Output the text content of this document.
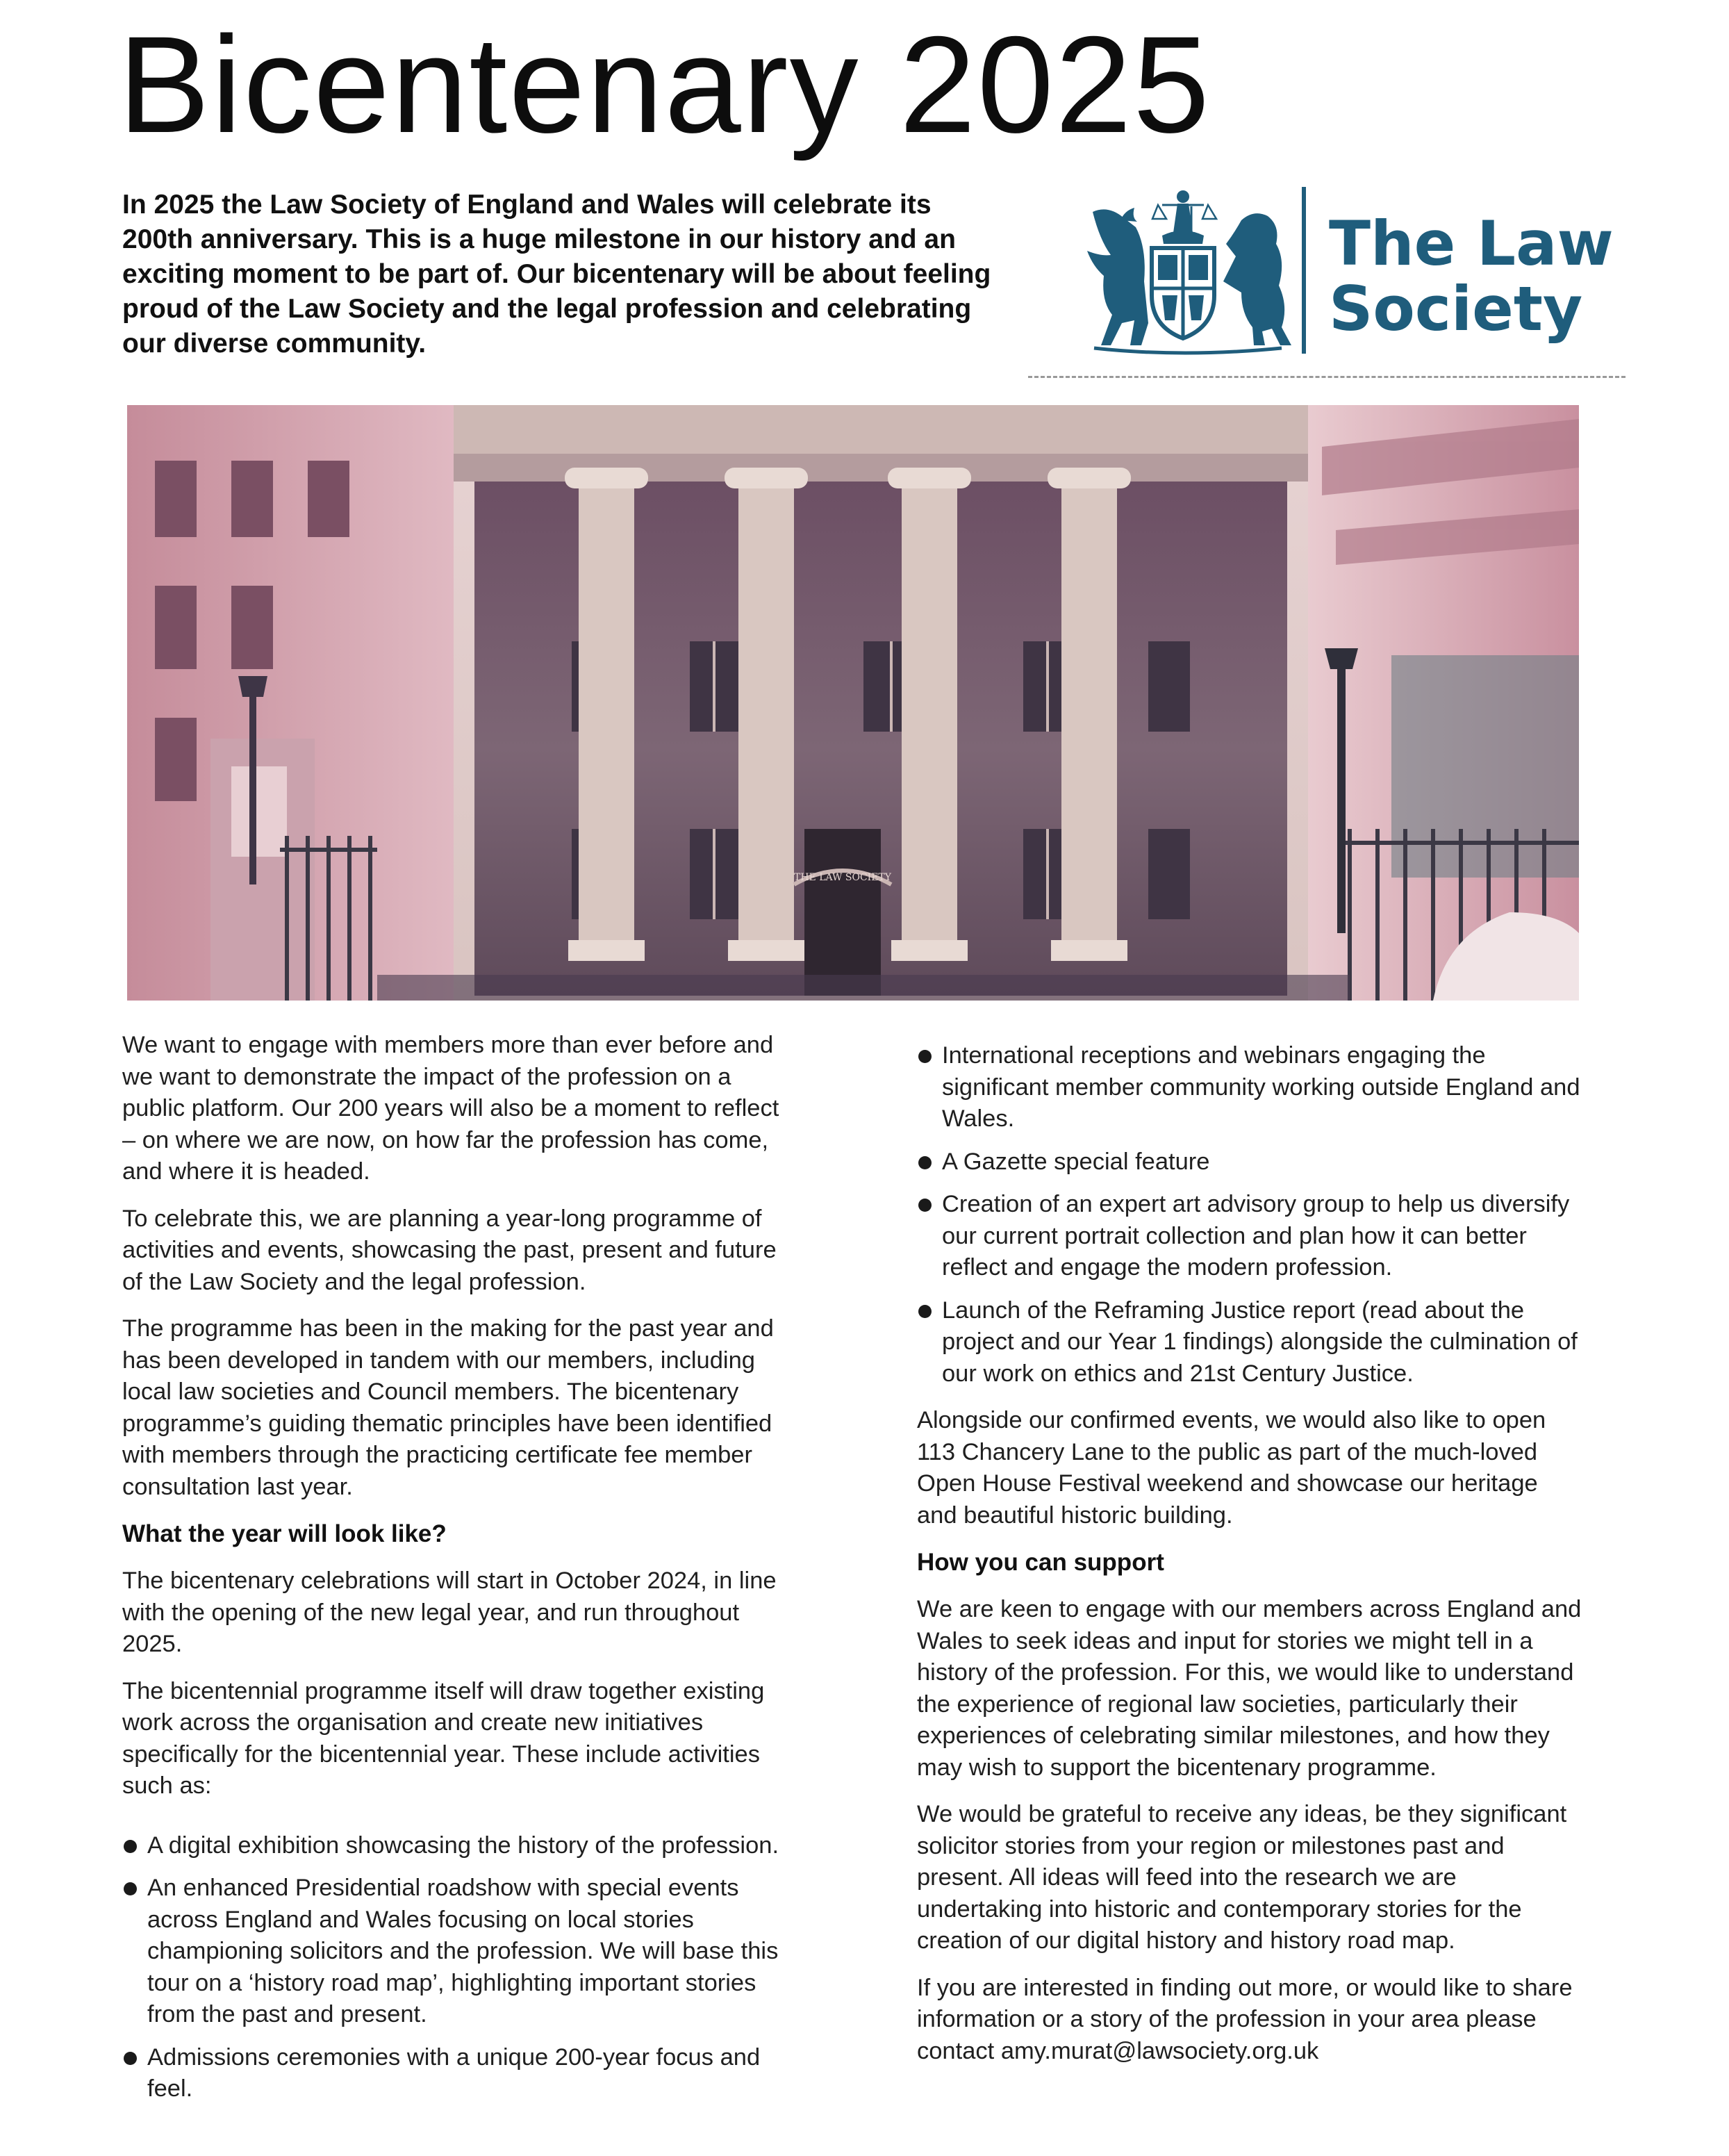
Bicentenary 2025

In 2025 the Law Society of England and Wales will celebrate its 200th anniversary. This is a huge milestone in our history and an exciting moment to be part of. Our bicentenary will be about feeling proud of the Law Society and the legal profession and celebrating our diverse community.

The Law
Society
THE LAW SOCIETY

We want to engage with members more than ever before and we want to demonstrate the impact of the profession on a public platform. Our 200 years will also be a moment to reflect – on where we are now, on how far the profession has come, and where it is headed.

To celebrate this, we are planning a year-long programme of activities and events, showcasing the past, present and future of the Law Society and the legal profession.

The programme has been in the making for the past year and has been developed in tandem with our members, including local law societies and Council members. The bicentenary programme’s guiding thematic principles have been identified with members through the practicing certificate fee member consultation last year.

What the year will look like?

The bicentenary celebrations will start in October 2024, in line with the opening of the new legal year, and run throughout 2025.

The bicentennial programme itself will draw together existing work across the organisation and create new initiatives specifically for the bicentennial year. These include activities such as:

A digital exhibition showcasing the history of the profession.
An enhanced Presidential roadshow with special events across England and Wales focusing on local stories championing solicitors and the profession. We will base this tour on a ‘history road map’, highlighting important stories from the past and present.
Admissions ceremonies with a unique 200-year focus and feel.
International receptions and webinars engaging the significant member community working outside England and Wales.
A Gazette special feature
Creation of an expert art advisory group to help us diversify our current portrait collection and plan how it can better reflect and engage the modern profession.
Launch of the Reframing Justice report (read about the project and our Year 1 findings) alongside the culmination of our work on ethics and 21st Century Justice.

Alongside our confirmed events, we would also like to open 113 Chancery Lane to the public as part of the much-loved Open House Festival weekend and showcase our heritage and beautiful historic building.

How you can support

We are keen to engage with our members across England and Wales to seek ideas and input for stories we might tell in a history of the profession. For this, we would like to understand the experience of regional law societies, particularly their experiences of celebrating similar milestones, and how they may wish to support the bicentenary programme.

We would be grateful to receive any ideas, be they significant solicitor stories from your region or milestones past and present. All ideas will feed into the research we are undertaking into historic and contemporary stories for the creation of our digital history and history road map.

If you are interested in finding out more, or would like to share information or a story of the profession in your area please contact amy.murat@lawsociety.org.uk
